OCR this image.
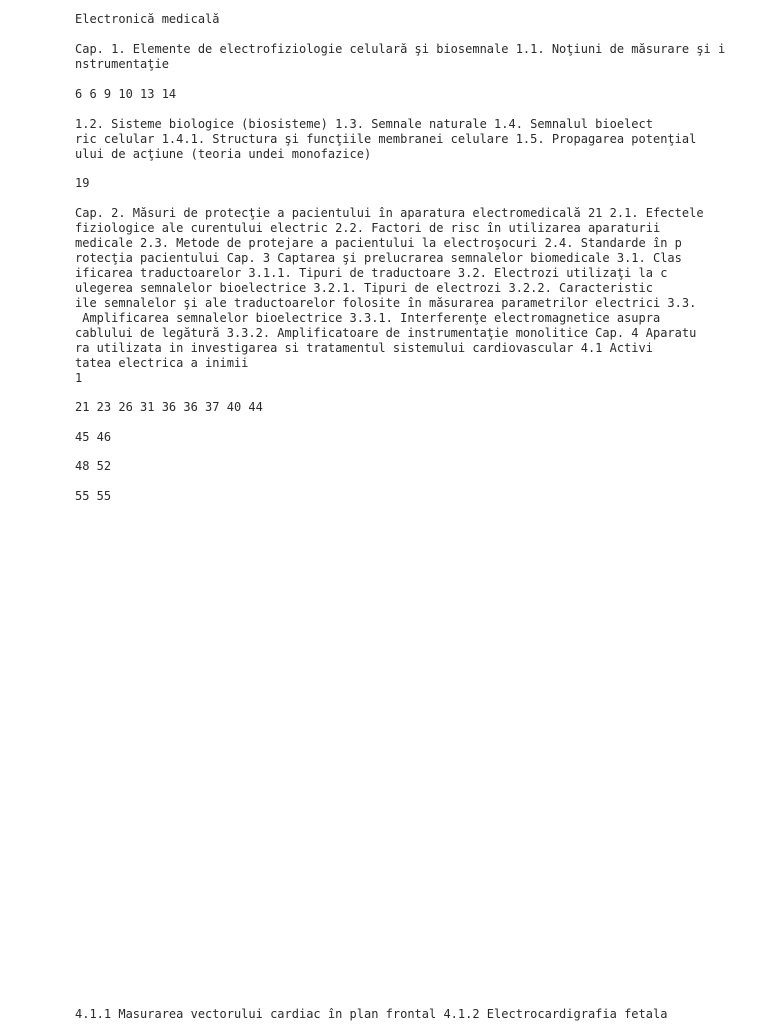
Electronică medicală

Cap. 1. Elemente de electrofiziologie celulară şi biosemnale 1.1. Noţiuni de măsurare şi i

nstrumentaţie

6 6 9 10 13 14

1.2. Sisteme biologice (biosisteme) 1.3. Semnale naturale 1.4. Semnalul bioelect

ric celular 1.4.1. Structura şi funcţiile membranei celulare 1.5. Propagarea potenţial

ului de acţiune (teoria undei monofazice)

19

Cap. 2. Măsuri de protecţie a pacientului în aparatura electromedicală 21 2.1. Efectele

fiziologice ale curentului electric 2.2. Factori de risc în utilizarea aparaturii

medicale 2.3. Metode de protejare a pacientului la electroşocuri 2.4. Standarde în p

rotecţia pacientului Cap. 3 Captarea şi prelucrarea semnalelor biomedicale 3.1. Clas

ificarea traductoarelor 3.1.1. Tipuri de traductoare 3.2. Electrozi utilizaţi la c

ulegerea semnalelor bioelectrice 3.2.1. Tipuri de electrozi 3.2.2. Caracteristic

ile semnalelor şi ale traductoarelor folosite în măsurarea parametrilor electrici 3.3.

Amplificarea semnalelor bioelectrice 3.3.1. Interferenţe electromagnetice asupra

cablului de legătură 3.3.2. Amplificatoare de instrumentaţie monolitice Cap. 4 Aparatu

ra utilizata in investigarea si tratamentul sistemului cardiovascular 4.1 Activi

tatea electrica a inimii

1

21 23 26 31 36 36 37 40 44

45 46

48 52

55 55

4.1.1 Masurarea vectorului cardiac în plan frontal 4.1.2 Electrocardigrafia fetala
